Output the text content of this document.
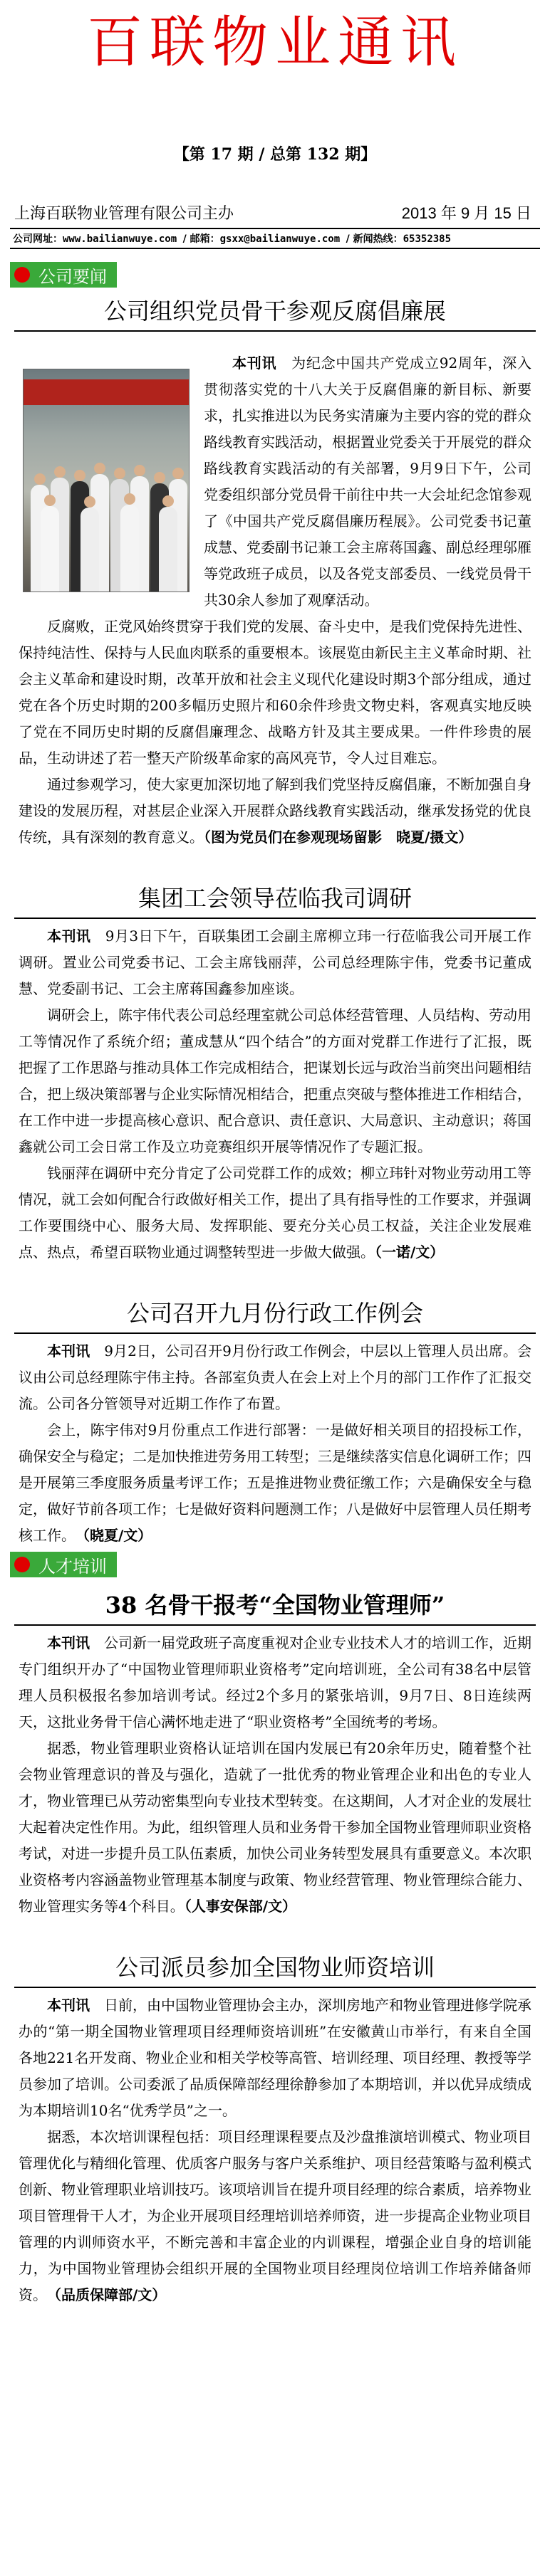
百联物业通讯
【第 17 期 / 总第 132 期】
上海百联物业管理有限公司主办	2013 年 9 月 15 日
公司网址：www.bailianwuye.com / 邮箱：gsxx@bailianwuye.com / 新闻热线：65352385
公司要闻
公司组织党员骨干参观反腐倡廉展

本刊讯　 为纪念中国共产党成立92周年，深入贯彻落实党的十八大关于反腐倡廉的新目标、新要求，扎实推进以为民务实清廉为主要内容的党的群众路线教育实践活动，根据置业党委关于开展党的群众路线教育实践活动的有关部署，9月9日下午，公司党委组织部分党员骨干前往中共一大会址纪念馆参观了《中国共产党反腐倡廉历程展》。公司党委书记董成慧、党委副书记兼工会主席蒋国鑫、副总经理邬雁等党政班子成员，以及各党支部委员、一线党员骨干共30余人参加了观摩活动。

反腐败，正党风始终贯穿于我们党的发展、奋斗史中，是我们党保持先进性、保持纯洁性、保持与人民血肉联系的重要根本。该展览由新民主主义革命时期、社会主义革命和建设时期，改革开放和社会主义现代化建设时期3个部分组成，通过党在各个历史时期的200多幅历史照片和60余件珍贵文物史料，客观真实地反映了党在不同历史时期的反腐倡廉理念、战略方针及其主要成果。一件件珍贵的展品，生动讲述了若一整天产阶级革命家的高风亮节，令人过目难忘。

通过参观学习，使大家更加深切地了解到我们党坚持反腐倡廉，不断加强自身建设的发展历程，对甚层企业深入开展群众路线教育实践活动，继承发扬党的优良传统，具有深刻的教育意义。（图为党员们在参观现场留影　晓夏/摄文）

集团工会领导莅临我司调研

本刊讯　 9月3日下午，百联集团工会副主席柳立玮一行莅临我公司开展工作调研。置业公司党委书记、工会主席钱丽萍，公司总经理陈宇伟，党委书记董成慧、党委副书记、工会主席蒋国鑫参加座谈。

调研会上，陈宇伟代表公司总经理室就公司总体经营管理、人员结构、劳动用工等情况作了系统介绍；董成慧从“四个结合”的方面对党群工作进行了汇报，既把握了工作思路与推动具体工作完成相结合，把谋划长远与政治当前突出问题相结合，把上级决策部署与企业实际情况相结合，把重点突破与整体推进工作相结合，在工作中进一步提高核心意识、配合意识、责任意识、大局意识、主动意识；蒋国鑫就公司工会日常工作及立功竞赛组织开展等情况作了专题汇报。

钱丽萍在调研中充分肯定了公司党群工作的成效；柳立玮针对物业劳动用工等情况，就工会如何配合行政做好相关工作，提出了具有指导性的工作要求，并强调工作要围绕中心、服务大局、发挥职能、要充分关心员工权益，关注企业发展难点、热点，希望百联物业通过调整转型进一步做大做强。（一诺/文）

公司召开九月份行政工作例会

本刊讯　 9月2日，公司召开9月份行政工作例会，中层以上管理人员出席。会议由公司总经理陈宇伟主持。各部室负责人在会上对上个月的部门工作作了汇报交流。公司各分管领导对近期工作作了布置。

会上，陈宇伟对9月份重点工作进行部署：一是做好相关项目的招投标工作，确保安全与稳定；二是加快推进劳务用工转型；三是继续落实信息化调研工作；四是开展第三季度服务质量考评工作；五是推进物业费征缴工作；六是确保安全与稳定，做好节前各项工作；七是做好资料问题测工作；八是做好中层管理人员任期考核工作。　 （晓夏/文）

人才培训
38 名骨干报考“全国物业管理师”

本刊讯　 公司新一届党政班子高度重视对企业专业技术人才的培训工作，近期专门组织开办了“中国物业管理师职业资格考”定向培训班，全公司有38名中层管理人员积极报名参加培训考试。经过2个多月的紧张培训，9月7日、8日连续两天，这批业务骨干信心满怀地走进了“职业资格考”全国统考的考场。

据悉，物业管理职业资格认证培训在国内发展已有20余年历史，随着整个社会物业管理意识的普及与强化，造就了一批优秀的物业管理企业和出色的专业人才，物业管理已从劳动密集型向专业技术型转变。在这期间，人才对企业的发展壮大起着决定性作用。为此，组织管理人员和业务骨干参加全国物业管理师职业资格考试，对进一步提升员工队伍素质，加快公司业务转型发展具有重要意义。本次职业资格考内容涵盖物业管理基本制度与政策、物业经营管理、物业管理综合能力、物业管理实务等4个科目。（人事安保部/文）

公司派员参加全国物业师资培训

本刊讯　 日前，由中国物业管理协会主办，深圳房地产和物业管理进修学院承办的“第一期全国物业管理项目经理师资培训班”在安徽黄山市举行，有来自全国各地221名开发商、物业企业和相关学校等高管、培训经理、项目经理、教授等学员参加了培训。公司委派了品质保障部经理徐静参加了本期培训，并以优异成绩成为本期培训10名“优秀学员”之一。

据悉，本次培训课程包括：项目经理课程要点及沙盘推演培训模式、物业项目管理优化与精细化管理、优质客户服务与客户关系维护、项目经营策略与盈利模式创新、物业管理职业培训技巧。该项培训旨在提升项目经理的综合素质，培养物业项目管理骨干人才，为企业开展项目经理培训培养师资，进一步提高企业物业项目管理的内训师资水平，不断完善和丰富企业的内训课程，增强企业自身的培训能力，为中国物业管理协会组织开展的全国物业项目经理岗位培训工作培养储备师资。　 （品质保障部/文）
